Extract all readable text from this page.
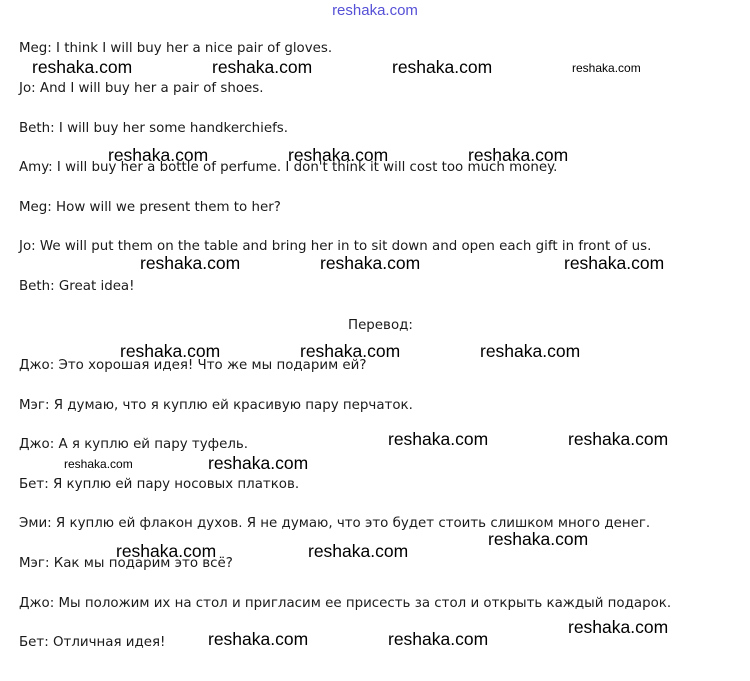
reshaka.com
Meg: I think I will buy her a nice pair of gloves.
Jo: And I will buy her a pair of shoes.
Beth: I will buy her some handkerchiefs.
Amy: I will buy her a bottle of perfume. I don't think it will cost too much money.
Meg: How will we present them to her?
Jo: We will put them on the table and bring her in to sit down and open each gift in front of us.
Beth: Great idea!
Перевод:
Джо: Это хорошая идея! Что же мы подарим ей?
Мэг: Я думаю, что я куплю ей красивую пару перчаток.
Джо: А я куплю ей пару туфель.
Бет: Я куплю ей пару носовых платков.
Эми: Я куплю ей флакон духов. Я не думаю, что это будет стоить слишком много денег.
Мэг: Как мы подарим это всё?
Джо: Мы положим их на стол и пригласим ее присесть за стол и открыть каждый подарок.
Бет: Отличная идея!
reshaka.com	reshaka.com	reshaka.com
reshaka.com	reshaka.com	reshaka.com
reshaka.com	reshaka.com	reshaka.com
reshaka.com	reshaka.com	reshaka.com
reshaka.com	reshaka.com
reshaka.com
reshaka.com
reshaka.com	reshaka.com
reshaka.com
reshaka.com	reshaka.com
reshaka.com
reshaka.com
